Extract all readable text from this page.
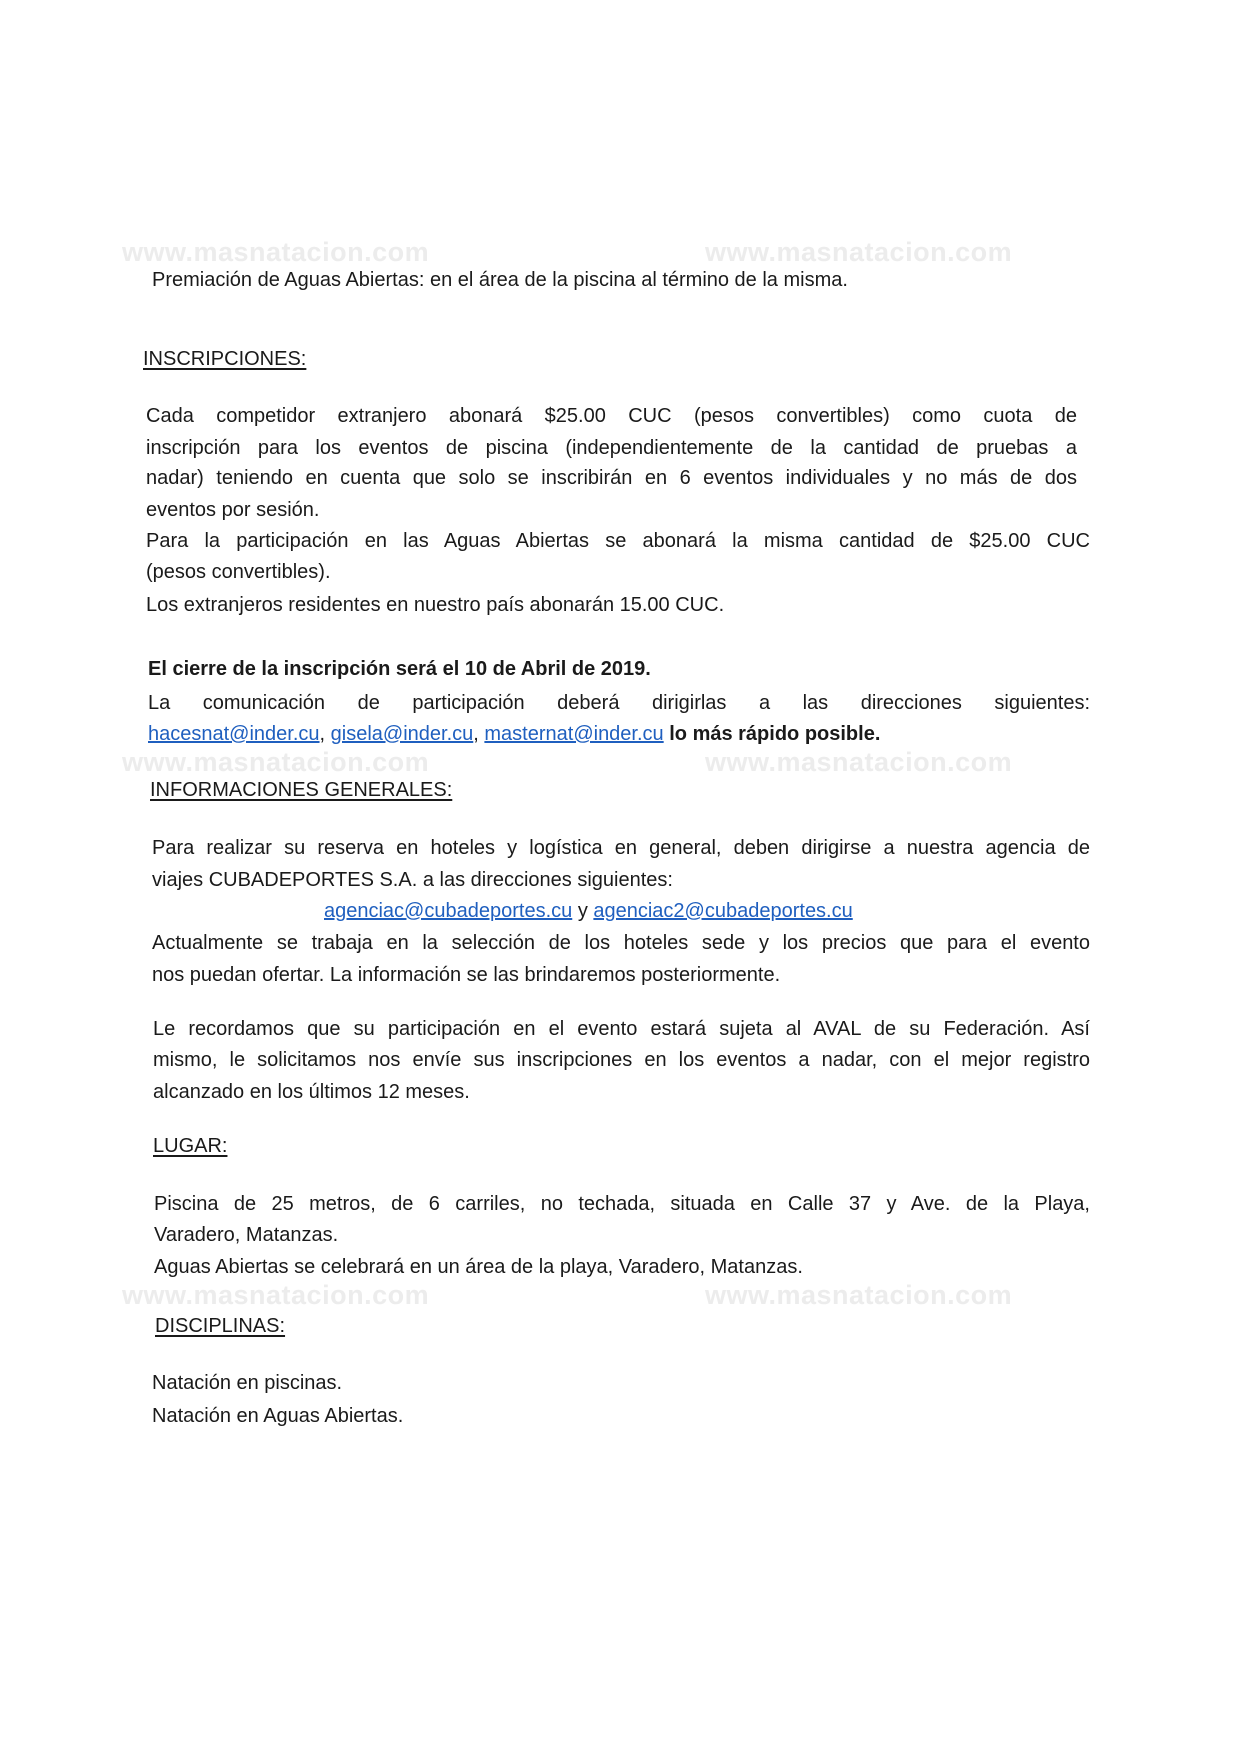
www.masnatacion.com	www.masnatacion.com
www.masnatacion.com	www.masnatacion.com
www.masnatacion.com	www.masnatacion.com
Premiación de Aguas Abiertas: en el área de la piscina al término de la misma.
INSCRIPCIONES:
Cada competidor extranjero abonará $25.00 CUC (pesos convertibles) como cuota de
inscripción para los eventos de piscina (independientemente de la cantidad de pruebas a
nadar) teniendo en cuenta que solo se inscribirán en 6 eventos individuales y no más de dos
eventos por sesión.
Para la participación en las Aguas Abiertas se abonará la misma cantidad de $25.00 CUC
(pesos convertibles).
Los extranjeros residentes en nuestro país abonarán 15.00 CUC.
El cierre de la inscripción será el 10 de Abril de 2019.
La comunicación de participación deberá dirigirlas a las direcciones siguientes:
hacesnat@inder.cu, gisela@inder.cu, masternat@inder.cu lo más rápido posible.
INFORMACIONES GENERALES:
Para realizar su reserva en hoteles y logística en general, deben dirigirse a nuestra agencia de
viajes CUBADEPORTES S.A. a las direcciones siguientes:
agenciac@cubadeportes.cu y agenciac2@cubadeportes.cu
Actualmente se trabaja en la selección de los hoteles sede y los precios que para el evento
nos puedan ofertar. La información se las brindaremos posteriormente.
Le recordamos que su participación en el evento estará sujeta al AVAL de su Federación. Así
mismo, le solicitamos nos envíe sus inscripciones en los eventos a nadar, con el mejor registro
alcanzado en los últimos 12 meses.
LUGAR:
Piscina de 25 metros, de 6 carriles, no techada, situada en Calle 37 y Ave. de la Playa,
Varadero, Matanzas.
Aguas Abiertas se celebrará en un área de la playa, Varadero, Matanzas.
DISCIPLINAS:
Natación en piscinas.
Natación en Aguas Abiertas.
